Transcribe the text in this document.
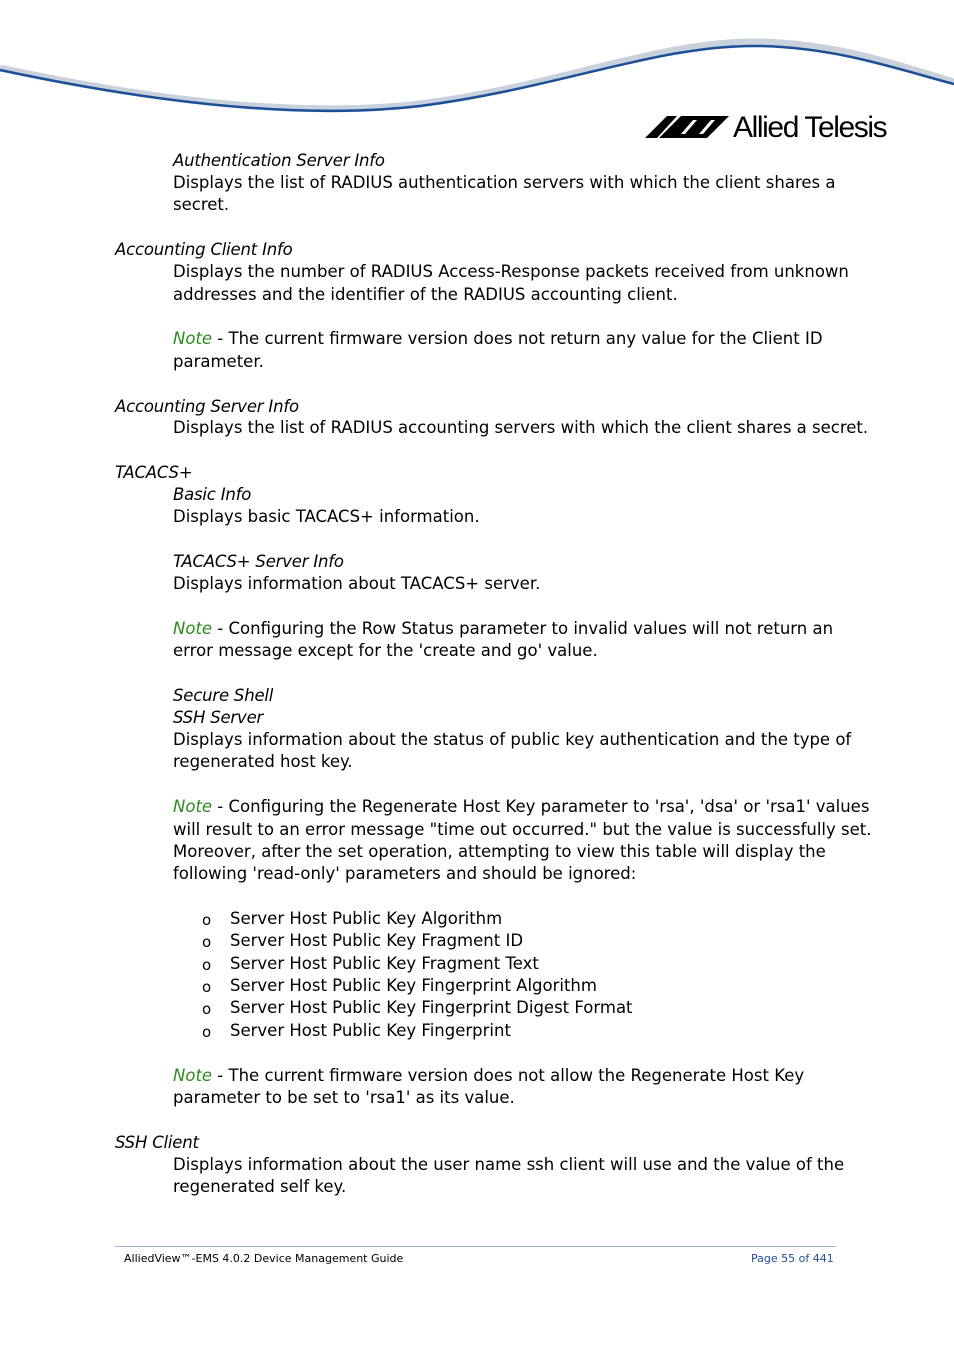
Allied Telesis
Authentication Server Info
Displays the list of RADIUS authentication servers with which the client shares a
secret.
Accounting Client Info
Displays the number of RADIUS Access-Response packets received from unknown
addresses and the identifier of the RADIUS accounting client.
Note - The current firmware version does not return any value for the Client ID
parameter.
Accounting Server Info
Displays the list of RADIUS accounting servers with which the client shares a secret.
TACACS+
Basic Info
Displays basic TACACS+ information.
TACACS+ Server Info
Displays information about TACACS+ server.
Note - Configuring the Row Status parameter to invalid values will not return an
error message except for the 'create and go' value.
Secure Shell
SSH Server
Displays information about the status of public key authentication and the type of
regenerated host key.
Note - Configuring the Regenerate Host Key parameter to 'rsa', 'dsa' or 'rsa1' values
will result to an error message "time out occurred." but the value is successfully set.
Moreover, after the set operation, attempting to view this table will display the
following 'read-only' parameters and should be ignored:
o Server Host Public Key Algorithm
o Server Host Public Key Fragment ID
o Server Host Public Key Fragment Text
o Server Host Public Key Fingerprint Algorithm
o Server Host Public Key Fingerprint Digest Format
o Server Host Public Key Fingerprint
Note - The current firmware version does not allow the Regenerate Host Key
parameter to be set to 'rsa1' as its value.
SSH Client
Displays information about the user name ssh client will use and the value of the
regenerated self key.
AlliedView™-EMS 4.0.2 Device Management Guide	Page 55 of 441
